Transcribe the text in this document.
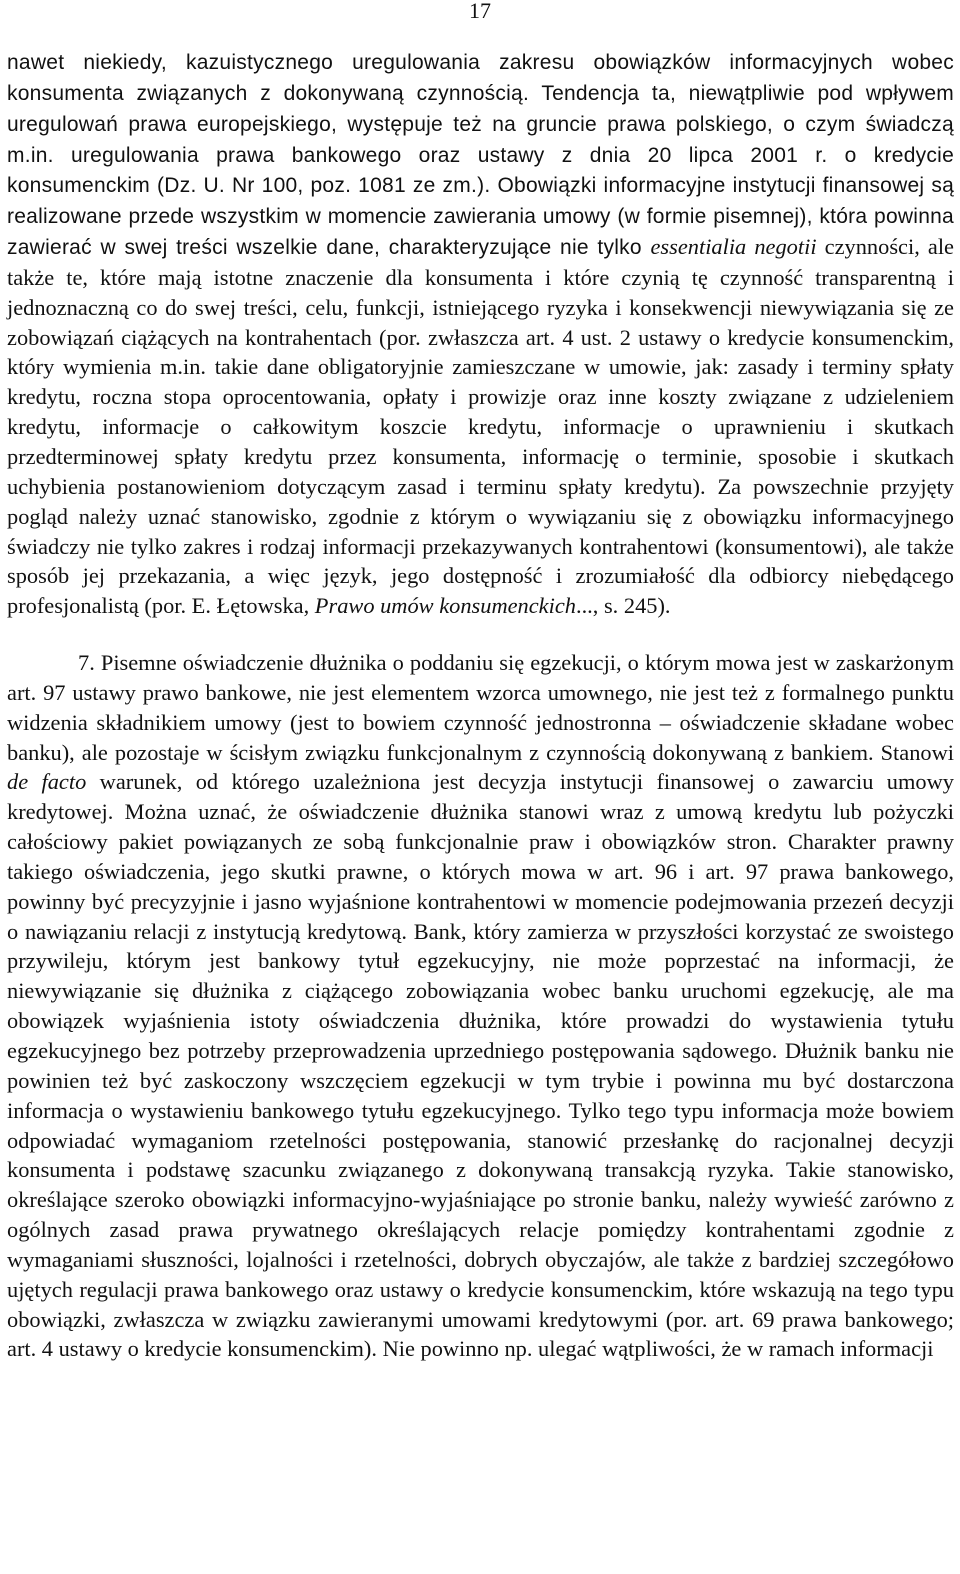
17

nawet niekiedy, kazuistycznego uregulowania zakresu obowiązków informacyjnych wobec konsumenta związanych z dokonywaną czynnością. Tendencja ta, niewątpliwie pod wpływem uregulowań prawa europejskiego, występuje też na gruncie prawa polskiego, o czym świadczą m.in. uregulowania prawa bankowego oraz ustawy z dnia 20 lipca 2001 r. o kredycie konsumenckim (Dz. U. Nr 100, poz. 1081 ze zm.). Obowiązki informacyjne instytucji finansowej są realizowane przede wszystkim w momencie zawierania umowy (w formie pisemnej), która powinna zawierać w swej treści wszelkie dane, charakteryzujące nie tylko essentialia negotii czynności, ale także te, które mają istotne znaczenie dla konsumenta i które czynią tę czynność transparentną i jednoznaczną co do swej treści, celu, funkcji, istniejącego ryzyka i konsekwencji niewywiązania się ze zobowiązań ciążących na kontrahentach (por. zwłaszcza art. 4 ust. 2 ustawy o kredycie konsumenckim, który wymienia m.in. takie dane obligatoryjnie zamieszczane w umowie, jak: zasady i terminy spłaty kredytu, roczna stopa oprocentowania, opłaty i prowizje oraz inne koszty związane z udzieleniem kredytu, informacje o całkowitym koszcie kredytu, informacje o uprawnieniu i skutkach przedterminowej spłaty kredytu przez konsumenta, informację o terminie, sposobie i skutkach uchybienia postanowieniom dotyczącym zasad i terminu spłaty kredytu). Za powszechnie przyjęty pogląd należy uznać stanowisko, zgodnie z którym o wywiązaniu się z obowiązku informacyjnego świadczy nie tylko zakres i rodzaj informacji przekazywanych kontrahentowi (konsumentowi), ale także sposób jej przekazania, a więc język, jego dostępność i zrozumiałość dla odbiorcy niebędącego profesjonalistą (por. E. Łętowska, Prawo umów konsumenckich..., s. 245).

7. Pisemne oświadczenie dłużnika o poddaniu się egzekucji, o którym mowa jest w zaskarżonym art. 97 ustawy prawo bankowe, nie jest elementem wzorca umownego, nie jest też z formalnego punktu widzenia składnikiem umowy (jest to bowiem czynność jednostronna – oświadczenie składane wobec banku), ale pozostaje w ścisłym związku funkcjonalnym z czynnością dokonywaną z bankiem. Stanowi de facto warunek, od którego uzależniona jest decyzja instytucji finansowej o zawarciu umowy kredytowej. Można uznać, że oświadczenie dłużnika stanowi wraz z umową kredytu lub pożyczki całościowy pakiet powiązanych ze sobą funkcjonalnie praw i obowiązków stron. Charakter prawny takiego oświadczenia, jego skutki prawne, o których mowa w art. 96 i art. 97 prawa bankowego, powinny być precyzyjnie i jasno wyjaśnione kontrahentowi w momencie podejmowania przezeń decyzji o nawiązaniu relacji z instytucją kredytową. Bank, który zamierza w przyszłości korzystać ze swoistego przywileju, którym jest bankowy tytuł egzekucyjny, nie może poprzestać na informacji, że niewywiązanie się dłużnika z ciążącego zobowiązania wobec banku uruchomi egzekucję, ale ma obowiązek wyjaśnienia istoty oświadczenia dłużnika, które prowadzi do wystawienia tytułu egzekucyjnego bez potrzeby przeprowadzenia uprzedniego postępowania sądowego. Dłużnik banku nie powinien też być zaskoczony wszczęciem egzekucji w tym trybie i powinna mu być dostarczona informacja o wystawieniu bankowego tytułu egzekucyjnego. Tylko tego typu informacja może bowiem odpowiadać wymaganiom rzetelności postępowania, stanowić przesłankę do racjonalnej decyzji konsumenta i podstawę szacunku związanego z dokonywaną transakcją ryzyka. Takie stanowisko, określające szeroko obowiązki informacyjno-wyjaśniające po stronie banku, należy wywieść zarówno z ogólnych zasad prawa prywatnego określających relacje pomiędzy kontrahentami zgodnie z wymaganiami słuszności, lojalności i rzetelności, dobrych obyczajów, ale także z bardziej szczegółowo ujętych regulacji prawa bankowego oraz ustawy o kredycie konsumenckim, które wskazują na tego typu obowiązki, zwłaszcza w związku zawieranymi umowami kredytowymi (por. art. 69 prawa bankowego; art. 4 ustawy o kredycie konsumenckim). Nie powinno np. ulegać wątpliwości, że w ramach informacji
